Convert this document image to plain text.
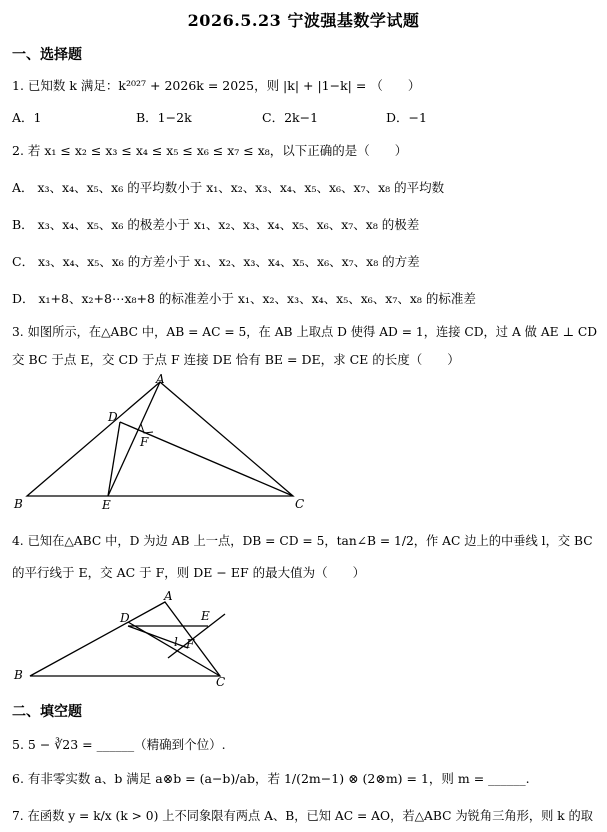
2026.5.23 宁波强基数学试题
一、选择题
1. 已知数 k 满足：k²⁰²⁷ + 2026k = 2025，则 |k| + |1−k| = （　　）
A．1	B．1−2k	C．2k−1	D．−1
2. 若 x₁ ≤ x₂ ≤ x₃ ≤ x₄ ≤ x₅ ≤ x₆ ≤ x₇ ≤ x₈，以下正确的是（　　）
A． x₃、x₄、x₅、x₆ 的平均数小于 x₁、x₂、x₃、x₄、x₅、x₆、x₇、x₈ 的平均数
B． x₃、x₄、x₅、x₆ 的极差小于 x₁、x₂、x₃、x₄、x₅、x₆、x₇、x₈ 的极差
C． x₃、x₄、x₅、x₆ 的方差小于 x₁、x₂、x₃、x₄、x₅、x₆、x₇、x₈ 的方差
D． x₁+8、x₂+8⋯x₈+8 的标准差小于 x₁、x₂、x₃、x₄、x₅、x₆、x₇、x₈ 的标准差
3. 如图所示，在△ABC 中，AB = AC = 5，在 AB 上取点 D 使得 AD = 1，连接 CD，过 A 做 AE ⊥ CD
交 BC 于点 E，交 CD 于点 F 连接 DE 恰有 BE = DE，求 CE 的长度（　　）
A
B	C
D
E
F
4. 已知在△ABC 中，D 为边 AB 上一点，DB = CD = 5，tan∠B = 1/2，作 AC 边上的中垂线 l，交 BC
的平行线于 E，交 AC 于 F，则 DE − EF 的最大值为（　　）
A
B	C
D	E
F
l
二、填空题
5. 5 − ∛23 = ______（精确到个位）.
6. 有非零实数 a、b 满足 a⊗b = (a−b)/ab，若 1/(2m−1) ⊗ (2⊗m) = 1，则 m = ______.
7. 在函数 y = k/x (k > 0) 上不同象限有两点 A、B，已知 AC = AO，若△ABC 为锐角三角形，则 k 的取
